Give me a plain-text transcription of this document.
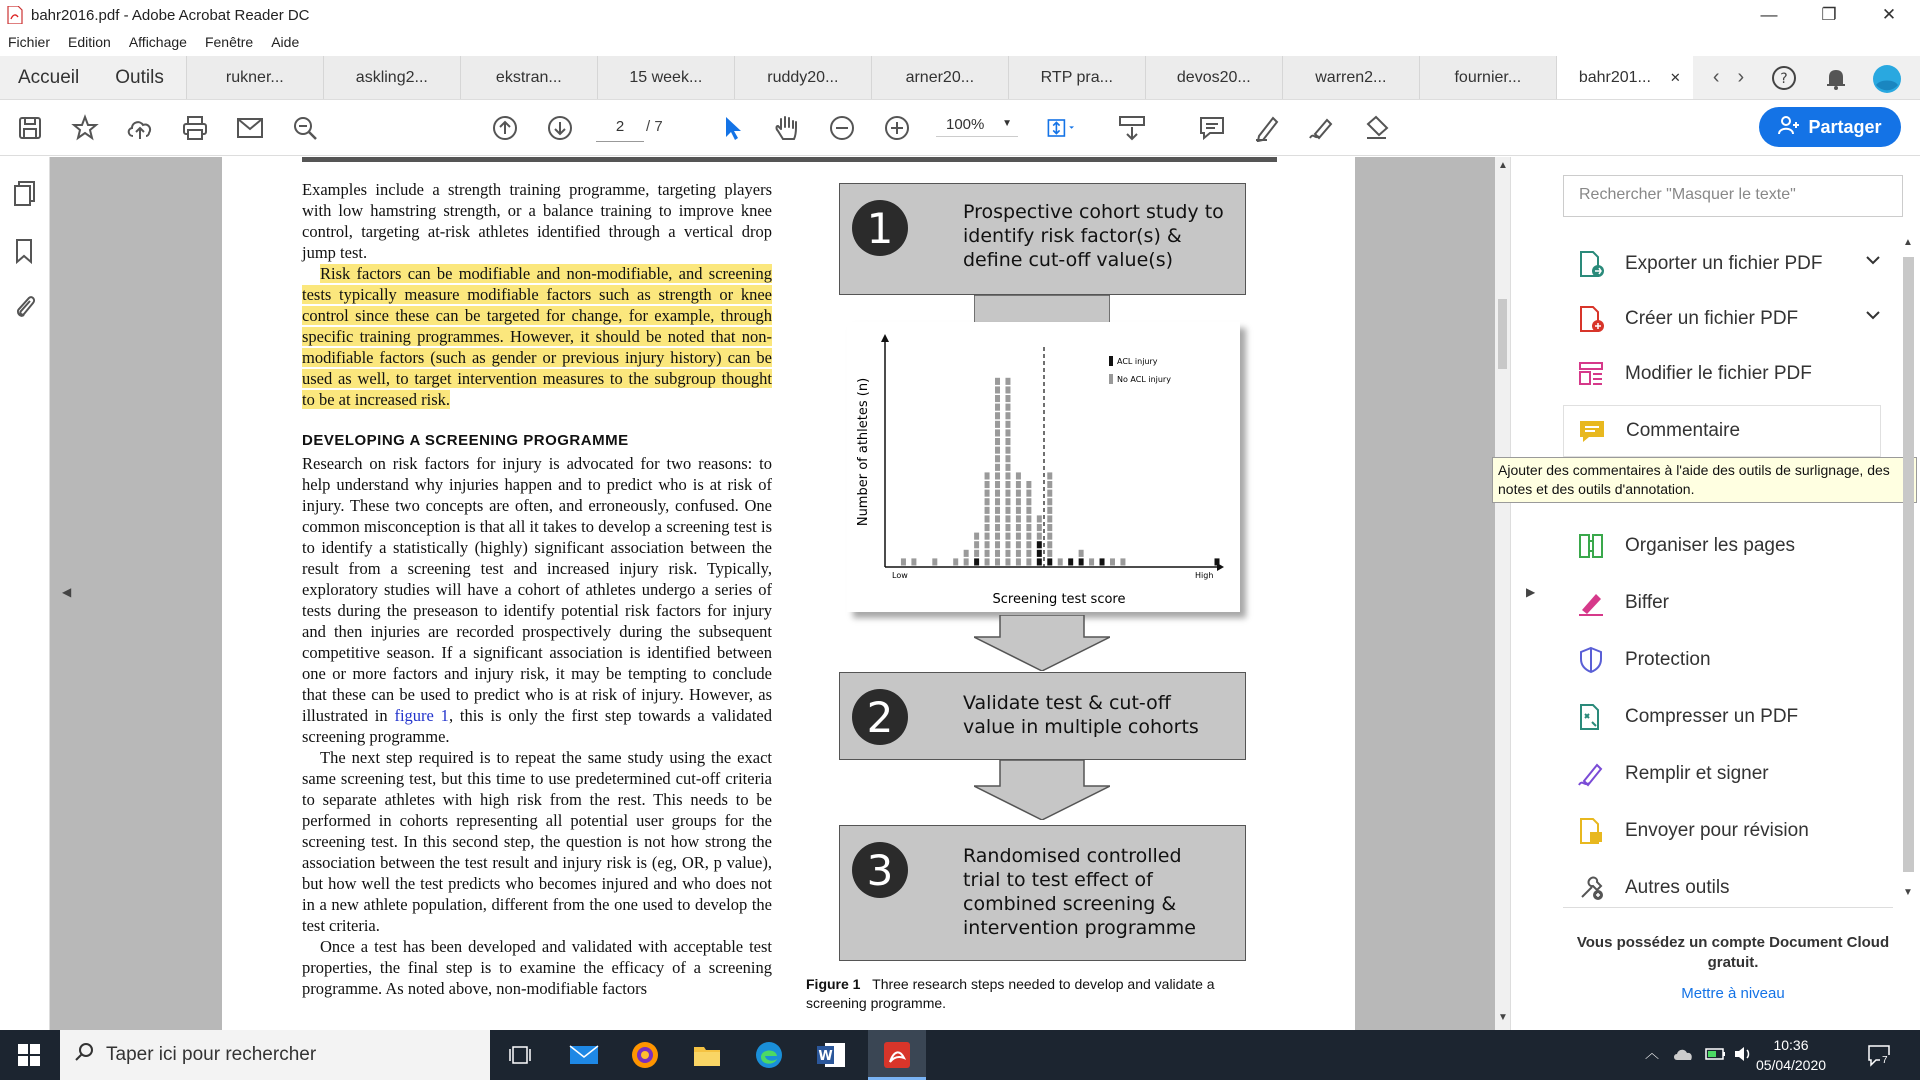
bahr2016.pdf - Adobe Acrobat Reader DC	—	❐	✕
Fichier Edition Affichage Fenêtre Aide
Accueil	Outils	rukner...	askling2...	ekstran...	15 week...	ruddy20...	arner20...	RTP pra...	devos20...	warren2...	fournier...	bahr201... ✕ ‹ ›	?
2	/ 7	100% ▼	Partager
◀

Examples include a strength training programme, targeting players with low hamstring strength, or a balance training to improve knee control, targeting at-risk athletes identified through a vertical drop jump test.

Risk factors can be modifiable and non-modifiable, and screening tests typically measure modifiable factors such as strength or knee control since these can be targeted for change, for example, through specific training programmes. However, it should be noted that non-modifiable factors (such as gender or previous injury history) can be used as well, to target intervention measures to the subgroup thought to be at increased risk.

DEVELOPING A SCREENING PROGRAMME

Research on risk factors for injury is advocated for two reasons: to help understand why injuries happen and to predict who is at risk of injury. These two concepts are often, and erroneously, confused. One common misconception is that all it takes to develop a screening test is to identify a statistically (highly) significant association between the result from a screening test and increased injury risk. Typically, exploratory studies will have a cohort of athletes undergo a series of tests during the preseason to identify potential risk factors for injury and then injuries are recorded prospectively during the subsequent competitive season. If a significant association is identified between one or more factors and injury risk, it may be tempting to conclude that these can be used to predict who is at risk of injury. However, as illustrated in figure 1, this is only the first step towards a validated screening programme.

The next step required is to repeat the same study using the exact same screening test, but this time to use predetermined cut-off criteria to separate athletes with high risk from the rest. This needs to be performed in cohorts representing all potential user groups for the screening test. In this second step, the question is not how strong the association between the test result and injury risk is (eg, OR, p value), but how well the test predicts who becomes injured and who does not in a new athlete population, different from the one used to develop the test criteria.

Once a test has been developed and validated with acceptable test properties, the final step is to examine the efficacy of a screening programme. As noted above, non-modifiable factors

1	Prospective cohort study to identify risk factor(s) & define cut-off value(s)
Low	High
Screening test score
Number of athletes (n)
ACL injury
No ACL injury
2	Validate test & cut-off value in multiple cohorts
3	Randomised controlled trial to test effect of combined screening & intervention programme
Figure 1 Three research steps needed to develop and validate a screening programme.
▲
▼
▶
Rechercher "Masquer le texte"
Exporter un fichier PDF
Créer un fichier PDF
Modifier le fichier PDF
Commentaire
Ajouter des commentaires à l'aide des outils de surlignage, des notes et des outils d'annotation.
Organiser les pages
Biffer
Protection
Compresser un PDF
Remplir et signer
Envoyer pour révision
Autres outils
▲
▼
Vous possédez un compte Document Cloud gratuit.
Mettre à niveau
Taper ici pour rechercher	W	︿	10:36
05/04/2020	7
